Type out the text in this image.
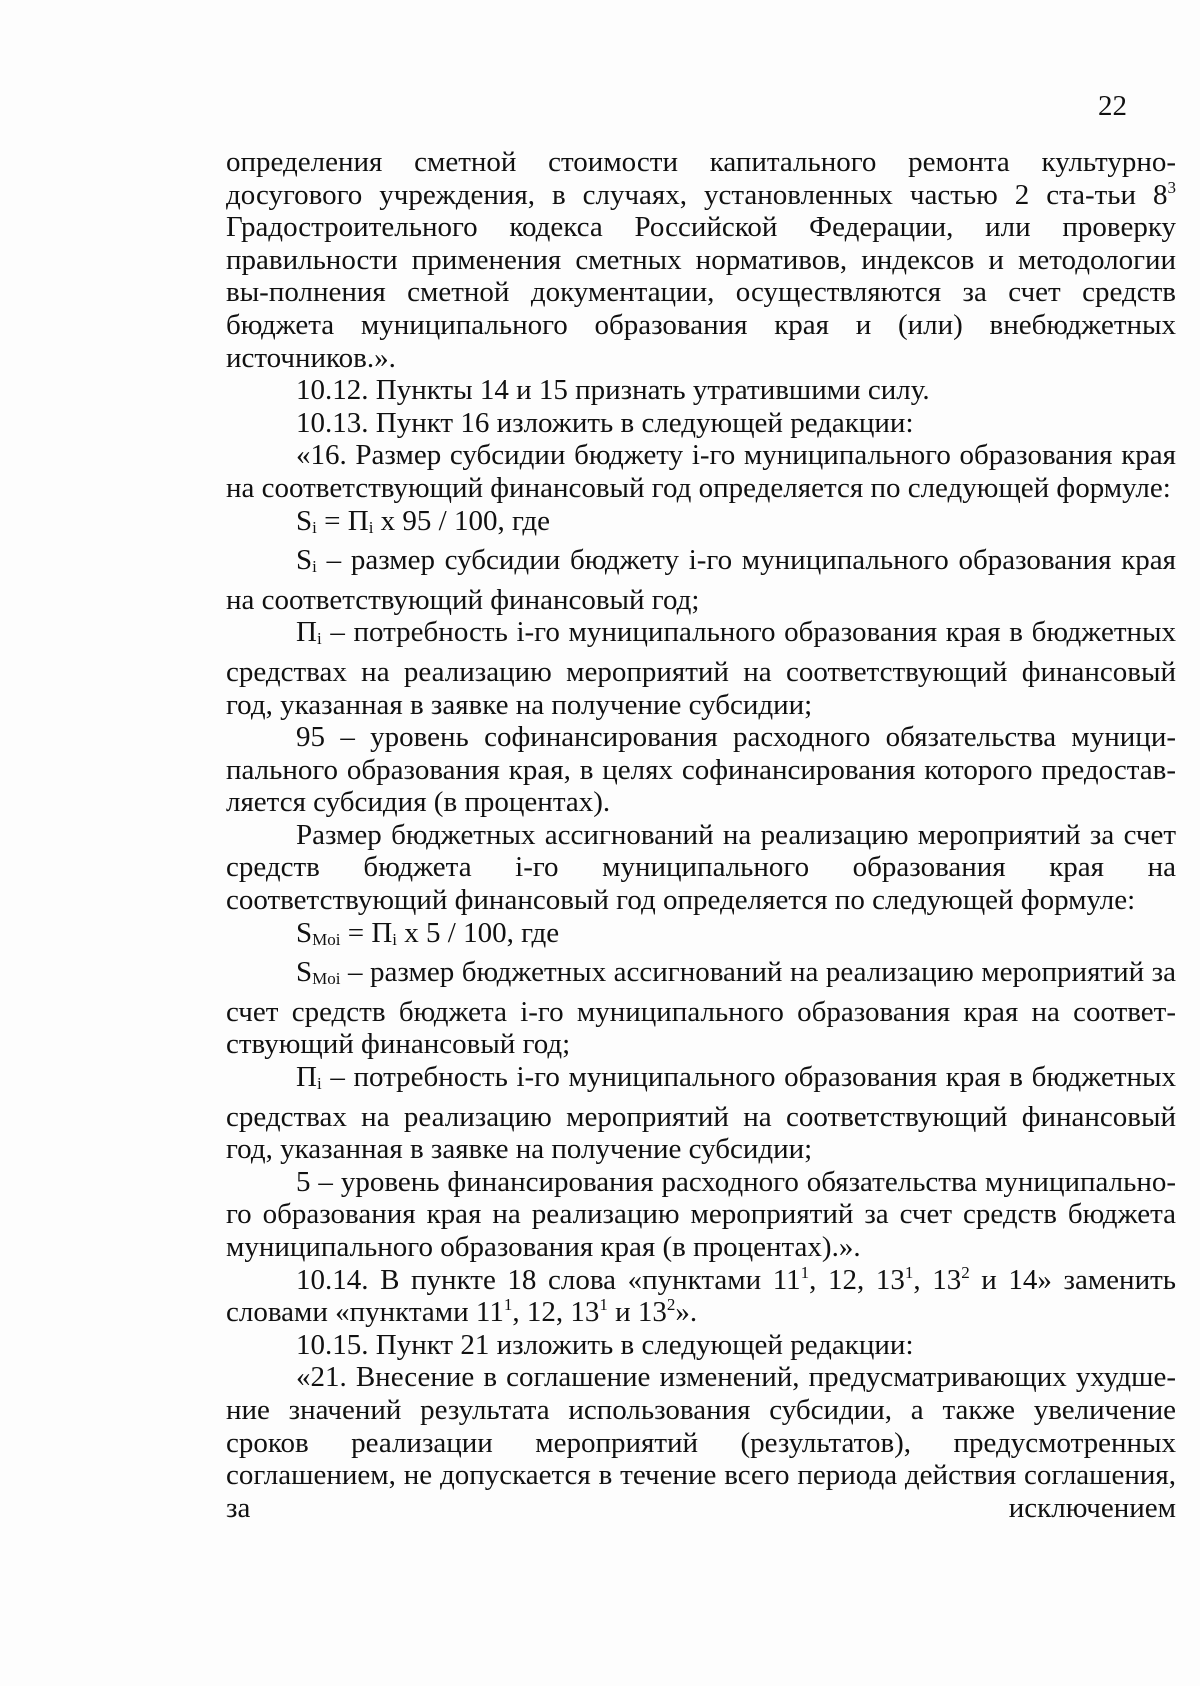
22

определения сметной стоимости капитального ремонта культурно-досугового учреждения, в случаях, установленных частью 2 ста-тьи $8^3$ Градостроительного кодекса Российской Федерации, или проверку правильности применения сметных нормативов, индексов и методологии вы-полнения сметной документации, осуществляются за счет средств бюджета муниципального образования края и (или) внебюджетных источников.».

10.12. Пункты 14 и 15 признать утратившими силу.

10.13. Пункт 16 изложить в следующей редакции:

«16. Размер субсидии бюджету і-го муниципального образования края на соответствующий финансовый год определяется по следующей формуле:

$S_i = П_i$ x 95 / 100, где

$S_i$ – размер субсидии бюджету і-го муниципального образования края на соответствующий финансовый год;

$П_i$ – потребность і-го муниципального образования края в бюджетных средствах на реализацию мероприятий на соответствующий финансовый год, указанная в заявке на получение субсидии;

95 – уровень софинансирования расходного обязательства муници-пального образования края, в целях софинансирования которого предостав-ляется субсидия (в процентах).

Размер бюджетных ассигнований на реализацию мероприятий за счет средств бюджета і-го муниципального образования края на соответствующий финансовый год определяется по следующей формуле:

$S_{Moi} = П_i$ x 5 / 100, где

$S_{Moi}$ – размер бюджетных ассигнований на реализацию мероприятий за счет средств бюджета і-го муниципального образования края на соответ-ствующий финансовый год;

$П_i$ – потребность і-го муниципального образования края в бюджетных средствах на реализацию мероприятий на соответствующий финансовый год, указанная в заявке на получение субсидии;

5 – уровень финансирования расходного обязательства муниципально-го образования края на реализацию мероприятий за счет средств бюджета муниципального образования края (в процентах).».

10.14. В пункте 18 слова «пунктами $11^1$, 12, $13^1$, $13^2$ и 14» заменить словами «пунктами $11^1$, 12, $13^1$ и $13^2$».

10.15. Пункт 21 изложить в следующей редакции:

«21. Внесение в соглашение изменений, предусматривающих ухудше-ние значений результата использования субсидии, а также увеличение сроков реализации мероприятий (результатов), предусмотренных соглашением, не допускается в течение всего периода действия соглашения, за исключением
